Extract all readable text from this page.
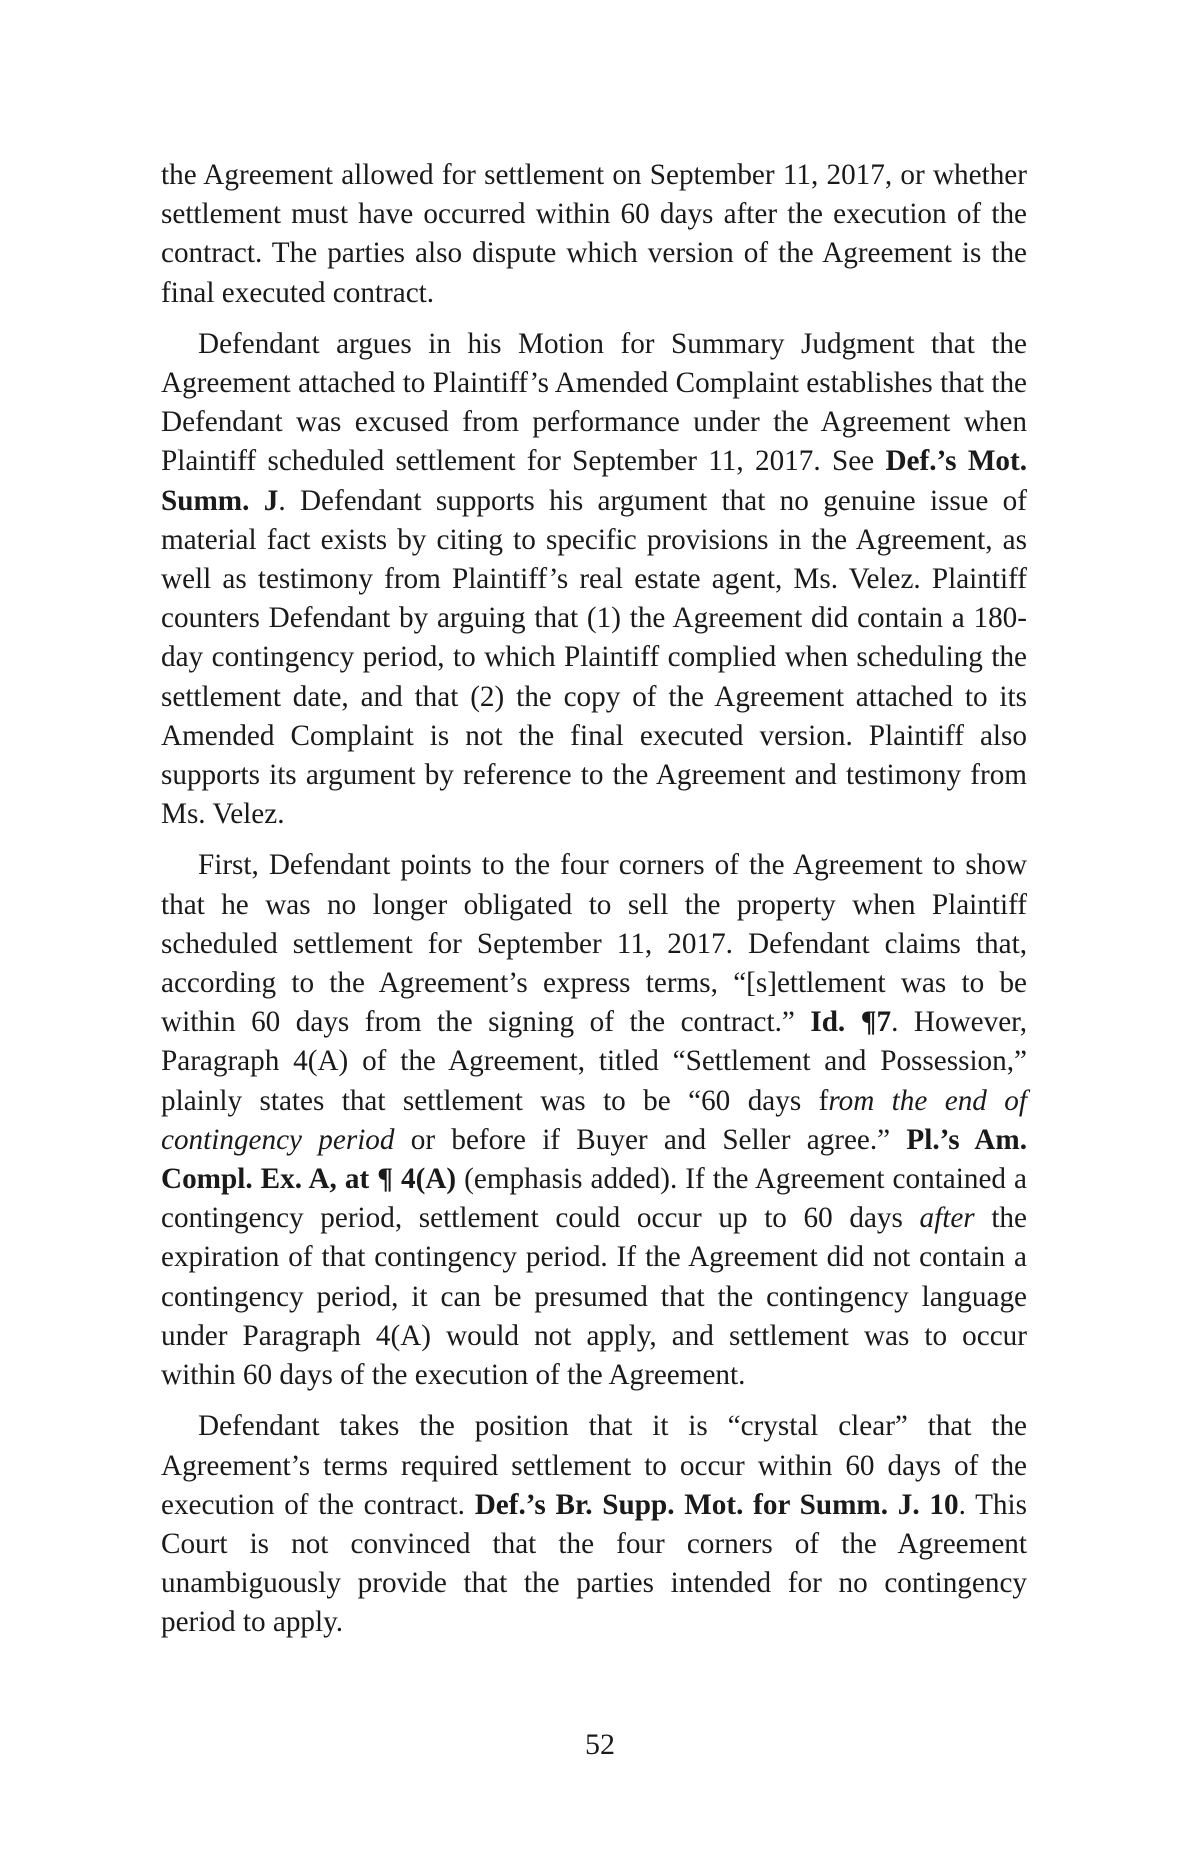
the Agreement allowed for settlement on September 11, 2017, or whether settlement must have occurred within 60 days after the execution of the contract. The parties also dispute which version of the Agreement is the final executed contract.

Defendant argues in his Motion for Summary Judgment that the Agreement attached to Plaintiff’s Amended Complaint establishes that the Defendant was excused from performance under the Agreement when Plaintiff scheduled settlement for September 11, 2017. See Def.’s Mot. Summ. J. Defendant supports his argument that no genuine issue of material fact exists by citing to specific provisions in the Agreement, as well as testimony from Plaintiff’s real estate agent, Ms. Velez. Plaintiff counters Defendant by arguing that (1) the Agreement did contain a 180-day contingency period, to which Plaintiff complied when scheduling the settlement date, and that (2) the copy of the Agreement attached to its Amended Complaint is not the final executed version. Plaintiff also supports its argument by reference to the Agreement and testimony from Ms. Velez.

First, Defendant points to the four corners of the Agreement to show that he was no longer obligated to sell the property when Plaintiff scheduled settlement for September 11, 2017. Defendant claims that, according to the Agreement’s express terms, “[s]ettlement was to be within 60 days from the signing of the contract.” Id. ¶7. However, Paragraph 4(A) of the Agreement, titled “Settlement and Possession,” plainly states that settlement was to be “60 days from the end of contingency period or before if Buyer and Seller agree.” Pl.’s Am. Compl. Ex. A, at ¶ 4(A) (emphasis added). If the Agreement contained a contingency period, settlement could occur up to 60 days after the expiration of that contingency period. If the Agreement did not contain a contingency period, it can be presumed that the contingency language under Paragraph 4(A) would not apply, and settlement was to occur within 60 days of the execution of the Agreement.

Defendant takes the position that it is “crystal clear” that the Agreement’s terms required settlement to occur within 60 days of the execution of the contract. Def.’s Br. Supp. Mot. for Summ. J. 10. This Court is not convinced that the four corners of the Agreement unambiguously provide that the parties intended for no contingency period to apply.

52
